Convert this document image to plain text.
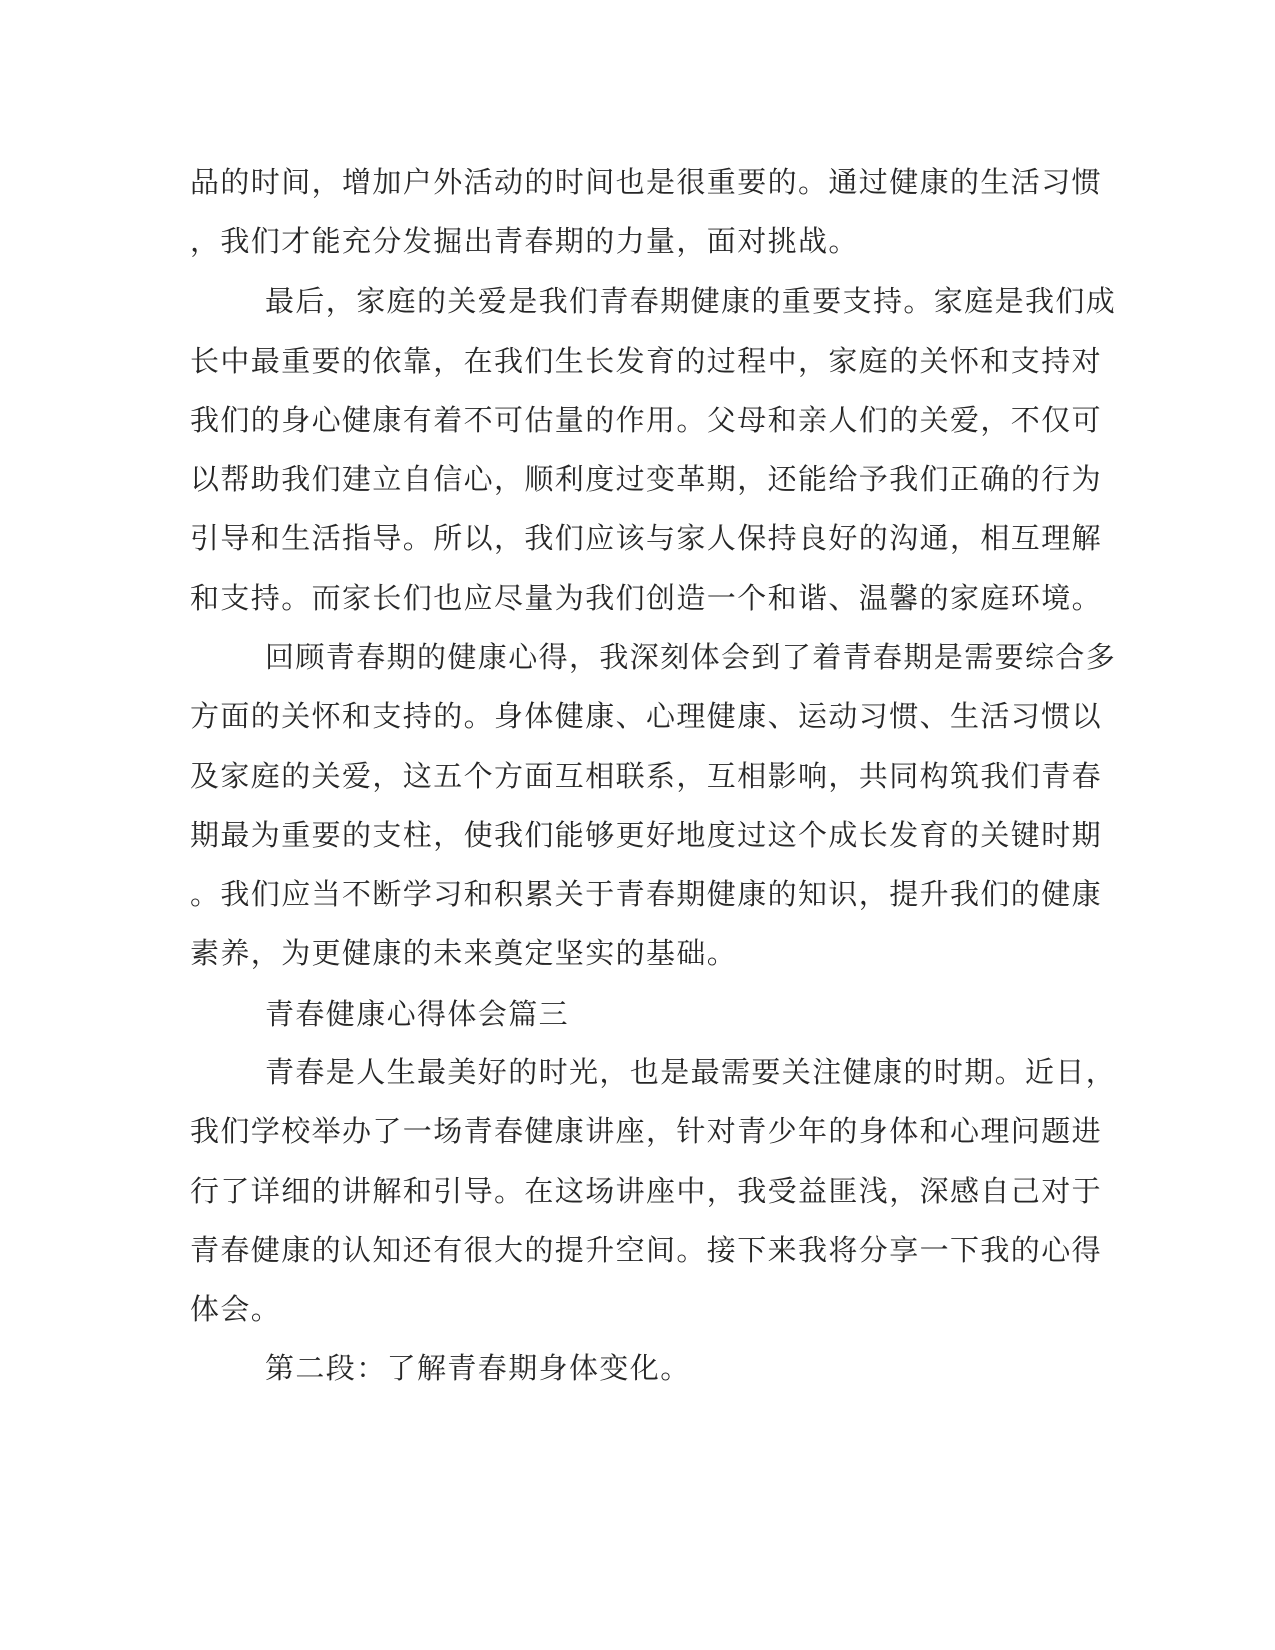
品的时间，增加户外活动的时间也是很重要的。通过健康的生活习惯
，我们才能充分发掘出青春期的力量，面对挑战。
最后，家庭的关爱是我们青春期健康的重要支持。家庭是我们成
长中最重要的依靠，在我们生长发育的过程中，家庭的关怀和支持对
我们的身心健康有着不可估量的作用。父母和亲人们的关爱，不仅可
以帮助我们建立自信心，顺利度过变革期，还能给予我们正确的行为
引导和生活指导。所以，我们应该与家人保持良好的沟通，相互理解
和支持。而家长们也应尽量为我们创造一个和谐、温馨的家庭环境。
回顾青春期的健康心得，我深刻体会到了着青春期是需要综合多
方面的关怀和支持的。身体健康、心理健康、运动习惯、生活习惯以
及家庭的关爱，这五个方面互相联系，互相影响，共同构筑我们青春
期最为重要的支柱，使我们能够更好地度过这个成长发育的关键时期
。我们应当不断学习和积累关于青春期健康的知识，提升我们的健康
素养，为更健康的未来奠定坚实的基础。
青春健康心得体会篇三
青春是人生最美好的时光，也是最需要关注健康的时期。近日，
我们学校举办了一场青春健康讲座，针对青少年的身体和心理问题进
行了详细的讲解和引导。在这场讲座中，我受益匪浅，深感自己对于
青春健康的认知还有很大的提升空间。接下来我将分享一下我的心得
体会。
第二段：了解青春期身体变化。
